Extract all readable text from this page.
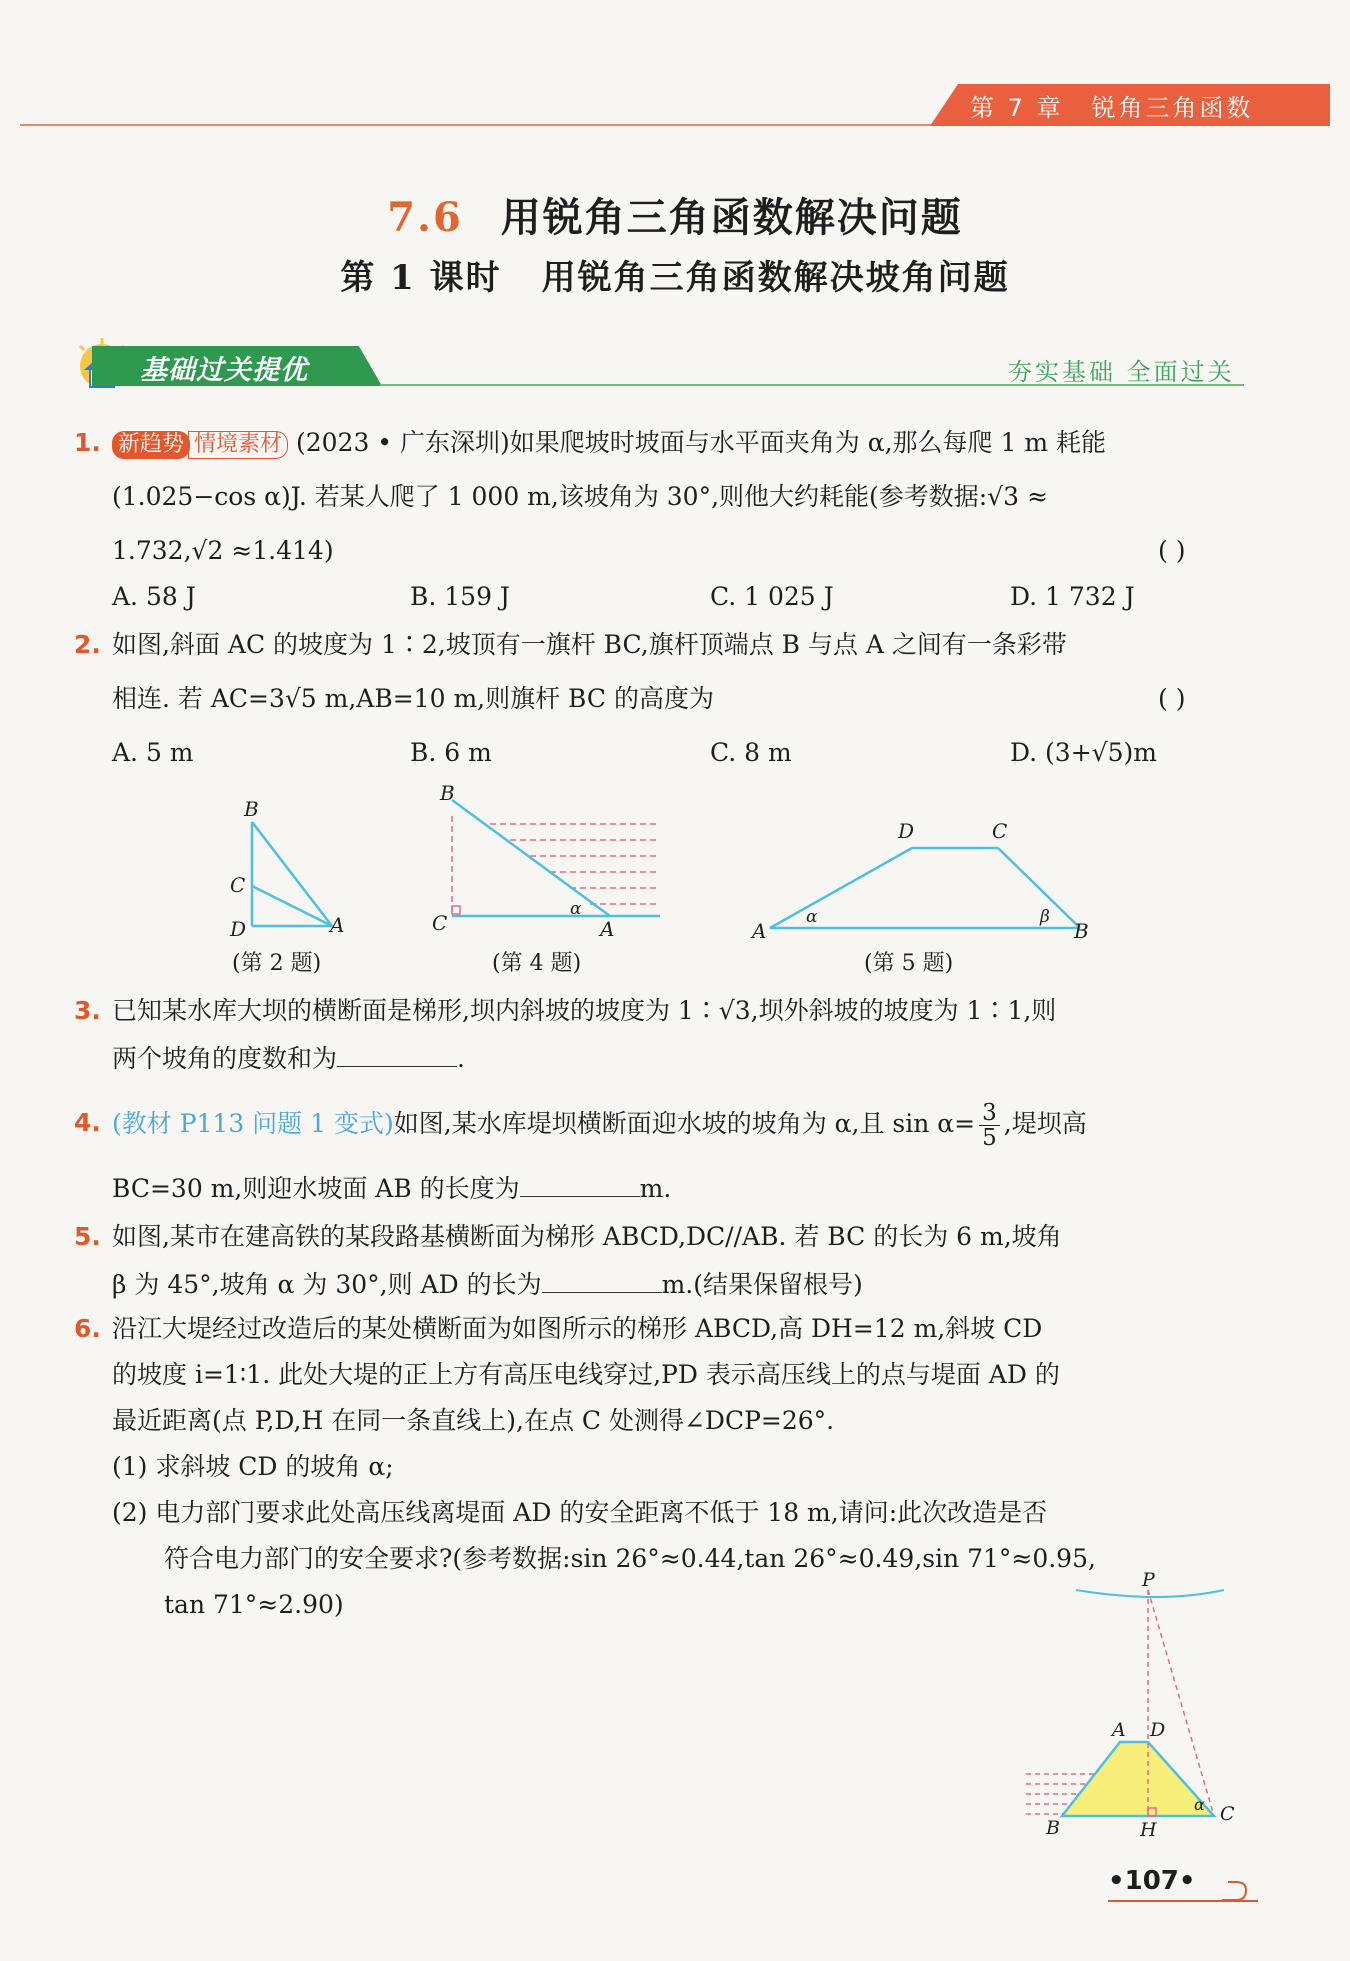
第 7 章 锐角三角函数
7.6 用锐角三角函数解决问题
第 1 课时 用锐角三角函数解决坡角问题
基础过关提优	夯实基础 全面过关
1. 新趋势 情境素材 (2023 • 广东深圳)如果爬坡时坡面与水平面夹角为 α,那么每爬 1 m 耗能
(1.025−cos α)J. 若某人爬了 1 000 m,该坡角为 30°,则他大约耗能(参考数据:√3 ≈
1.732,√2 ≈1.414)	( )
A. 58 J	B. 159 J	C. 1 025 J	D. 1 732 J
2. 如图,斜面 AC 的坡度为 1∶2,坡顶有一旗杆 BC,旗杆顶端点 B 与点 A 之间有一条彩带
相连. 若 AC=3√5 m,AB=10 m,则旗杆 BC 的高度为	( )
A. 5 m	B. 6 m	C. 8 m	D. (3+√5)m
B
C
D	A
(第 2 题)
B
C
α
A
(第 4 题)
D	C
A
α	β
B
(第 5 题)
3. 已知某水库大坝的横断面是梯形,坝内斜坡的坡度为 1∶√3,坝外斜坡的坡度为 1∶1,则
两个坡角的度数和为	.
4. (教材 P113 问题 1 变式)如图,某水库堤坝横断面迎水坡的坡角为 α,且 $\sin \alpha= \frac{3}{5}$ ,堤坝高
BC=30 m,则迎水坡面 AB 的长度为	m.
5. 如图,某市在建高铁的某段路基横断面为梯形 ABCD,DC//AB. 若 BC 的长为 6 m,坡角
β 为 45°,坡角 α 为 30°,则 AD 的长为	m.(结果保留根号)
6. 沿江大堤经过改造后的某处横断面为如图所示的梯形 ABCD,高 DH=12 m,斜坡 CD
的坡度 i=1∶1. 此处大堤的正上方有高压电线穿过,PD 表示高压线上的点与堤面 AD 的
最近距离(点 P,D,H 在同一条直线上),在点 C 处测得∠DCP=26°.
(1) 求斜坡 CD 的坡角 α;
(2) 电力部门要求此处高压线离堤面 AD 的安全距离不低于 18 m,请问:此次改造是否
符合电力部门的安全要求?(参考数据:sin 26°≈0.44,tan 26°≈0.49,sin 71°≈0.95,
tan 71°≈2.90)
P
A D
α
B	H
C
•107•
